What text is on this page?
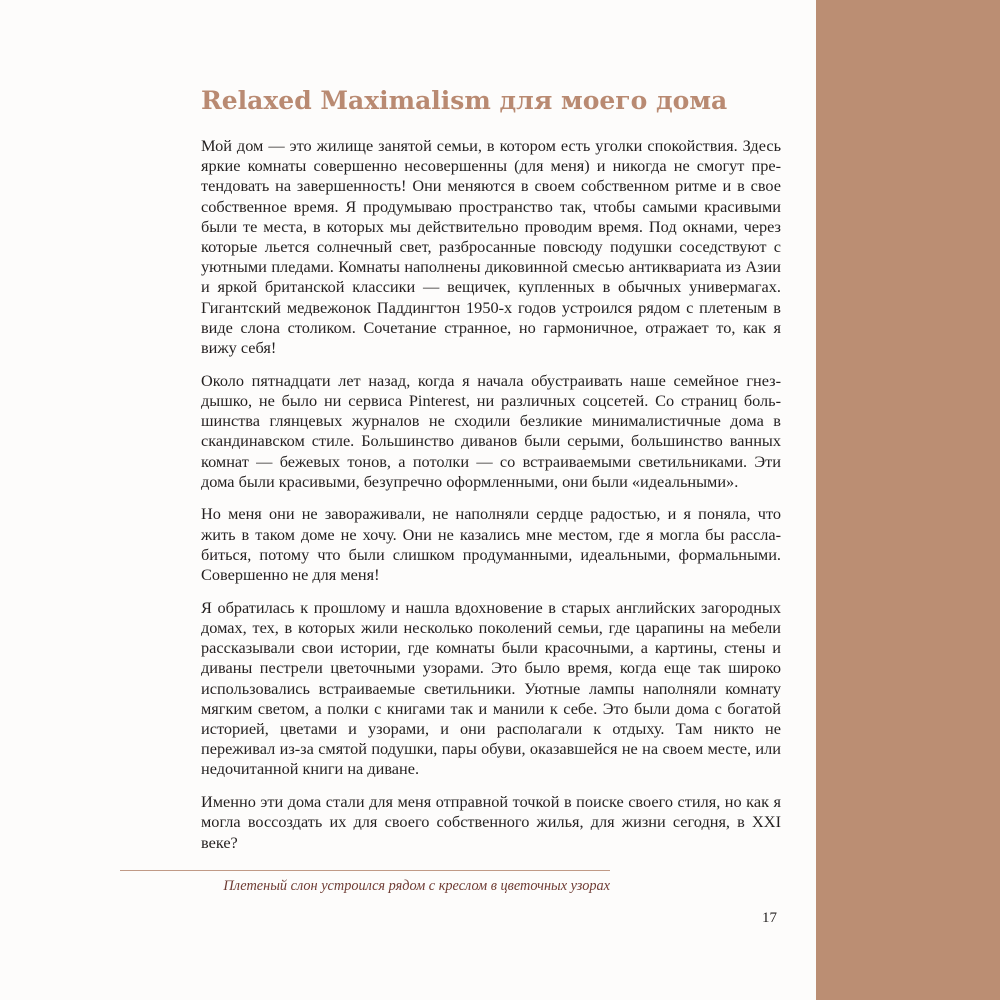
Relaxed Maximalism для моего дома

Мой дом — это жилище занятой семьи, в котором есть уголки спокойствия. Здесь яркие комнаты совершенно несовершенны (для меня) и никогда не смогут претендовать на завершенность! Они меняются в своем собственном ритме и в свое собственное время. Я продумываю пространство так, чтобы самыми красивыми были те места, в которых мы действительно проводим время. Под окнами, через которые льется солнечный свет, разбросанные повсюду подушки соседствуют с уютными пледами. Комнаты наполнены диковинной смесью антиквариата из Азии и яркой британской классики — вещичек, купленных в обычных универмагах. Гигантский медвежонок Паддингтон 1950-х годов устроился рядом с плетеным в виде слона столиком. Сочетание странное, но гармоничное, отражает то, как я вижу себя!

Около пятнадцати лет назад, когда я начала обустраивать наше семейное гнездышко, не было ни сервиса Pinterest, ни различных соцсетей. Со страниц большинства глянцевых журналов не сходили безликие минималистичные дома в скандинавском стиле. Большинство диванов были серыми, большинство ванных комнат — бежевых тонов, а потолки — со встраиваемыми светильниками. Эти дома были красивыми, безупречно оформленными, они были «идеальными».

Но меня они не завораживали, не наполняли сердце радостью, и я поняла, что жить в таком доме не хочу. Они не казались мне местом, где я могла бы расслабиться, потому что были слишком продуманными, идеальными, формальными. Совершенно не для меня!

Я обратилась к прошлому и нашла вдохновение в старых английских загородных домах, тех, в которых жили несколько поколений семьи, где царапины на мебели рассказывали свои истории, где комнаты были красочными, а картины, стены и диваны пестрели цветочными узорами. Это было время, когда еще так широко использовались встраиваемые светильники. Уютные лампы наполняли комнату мягким светом, а полки с книгами так и манили к себе. Это были дома с богатой историей, цветами и узорами, и они располагали к отдыху. Там никто не переживал из-за смятой подушки, пары обуви, оказавшейся не на своем месте, или недочитанной книги на диване.

Именно эти дома стали для меня отправной точкой в поиске своего стиля, но как я могла воссоздать их для своего собственного жилья, для жизни сегодня, в XXI веке?

Плетеный слон устроился рядом с креслом в цветочных узорах
17
